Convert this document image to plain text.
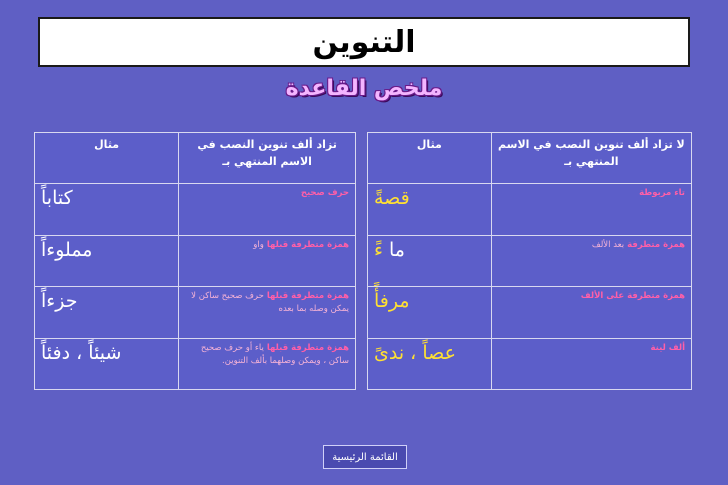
التنوين
ملخص القاعدة
لا تزاد ألف تنوين النصب في الاسم المنتهي بـ	مثال
تاء مربوطة	قصةً
همزة متطرفة بعد الألف	ما ءً
همزة متطرفة على الألف	مرفأً
ألف لينة	عصاً ، ندىً
تزاد ألف تنوين النصب في الاسم المنتهي بـ	مثال
حرف صحيح	كتاباً
همزة متطرفة قبلها واو	مملوءاً
همزة متطرفة قبلها حرف صحيح ساكن لا يمكن وصله بما بعده	جزءاً
همزة متطرفة قبلها ياء أو حرف صحيح ساكن ، ويمكن وصلهما بألف التنوين.	شيئاً ، دفئاً
القائمة الرئيسية
